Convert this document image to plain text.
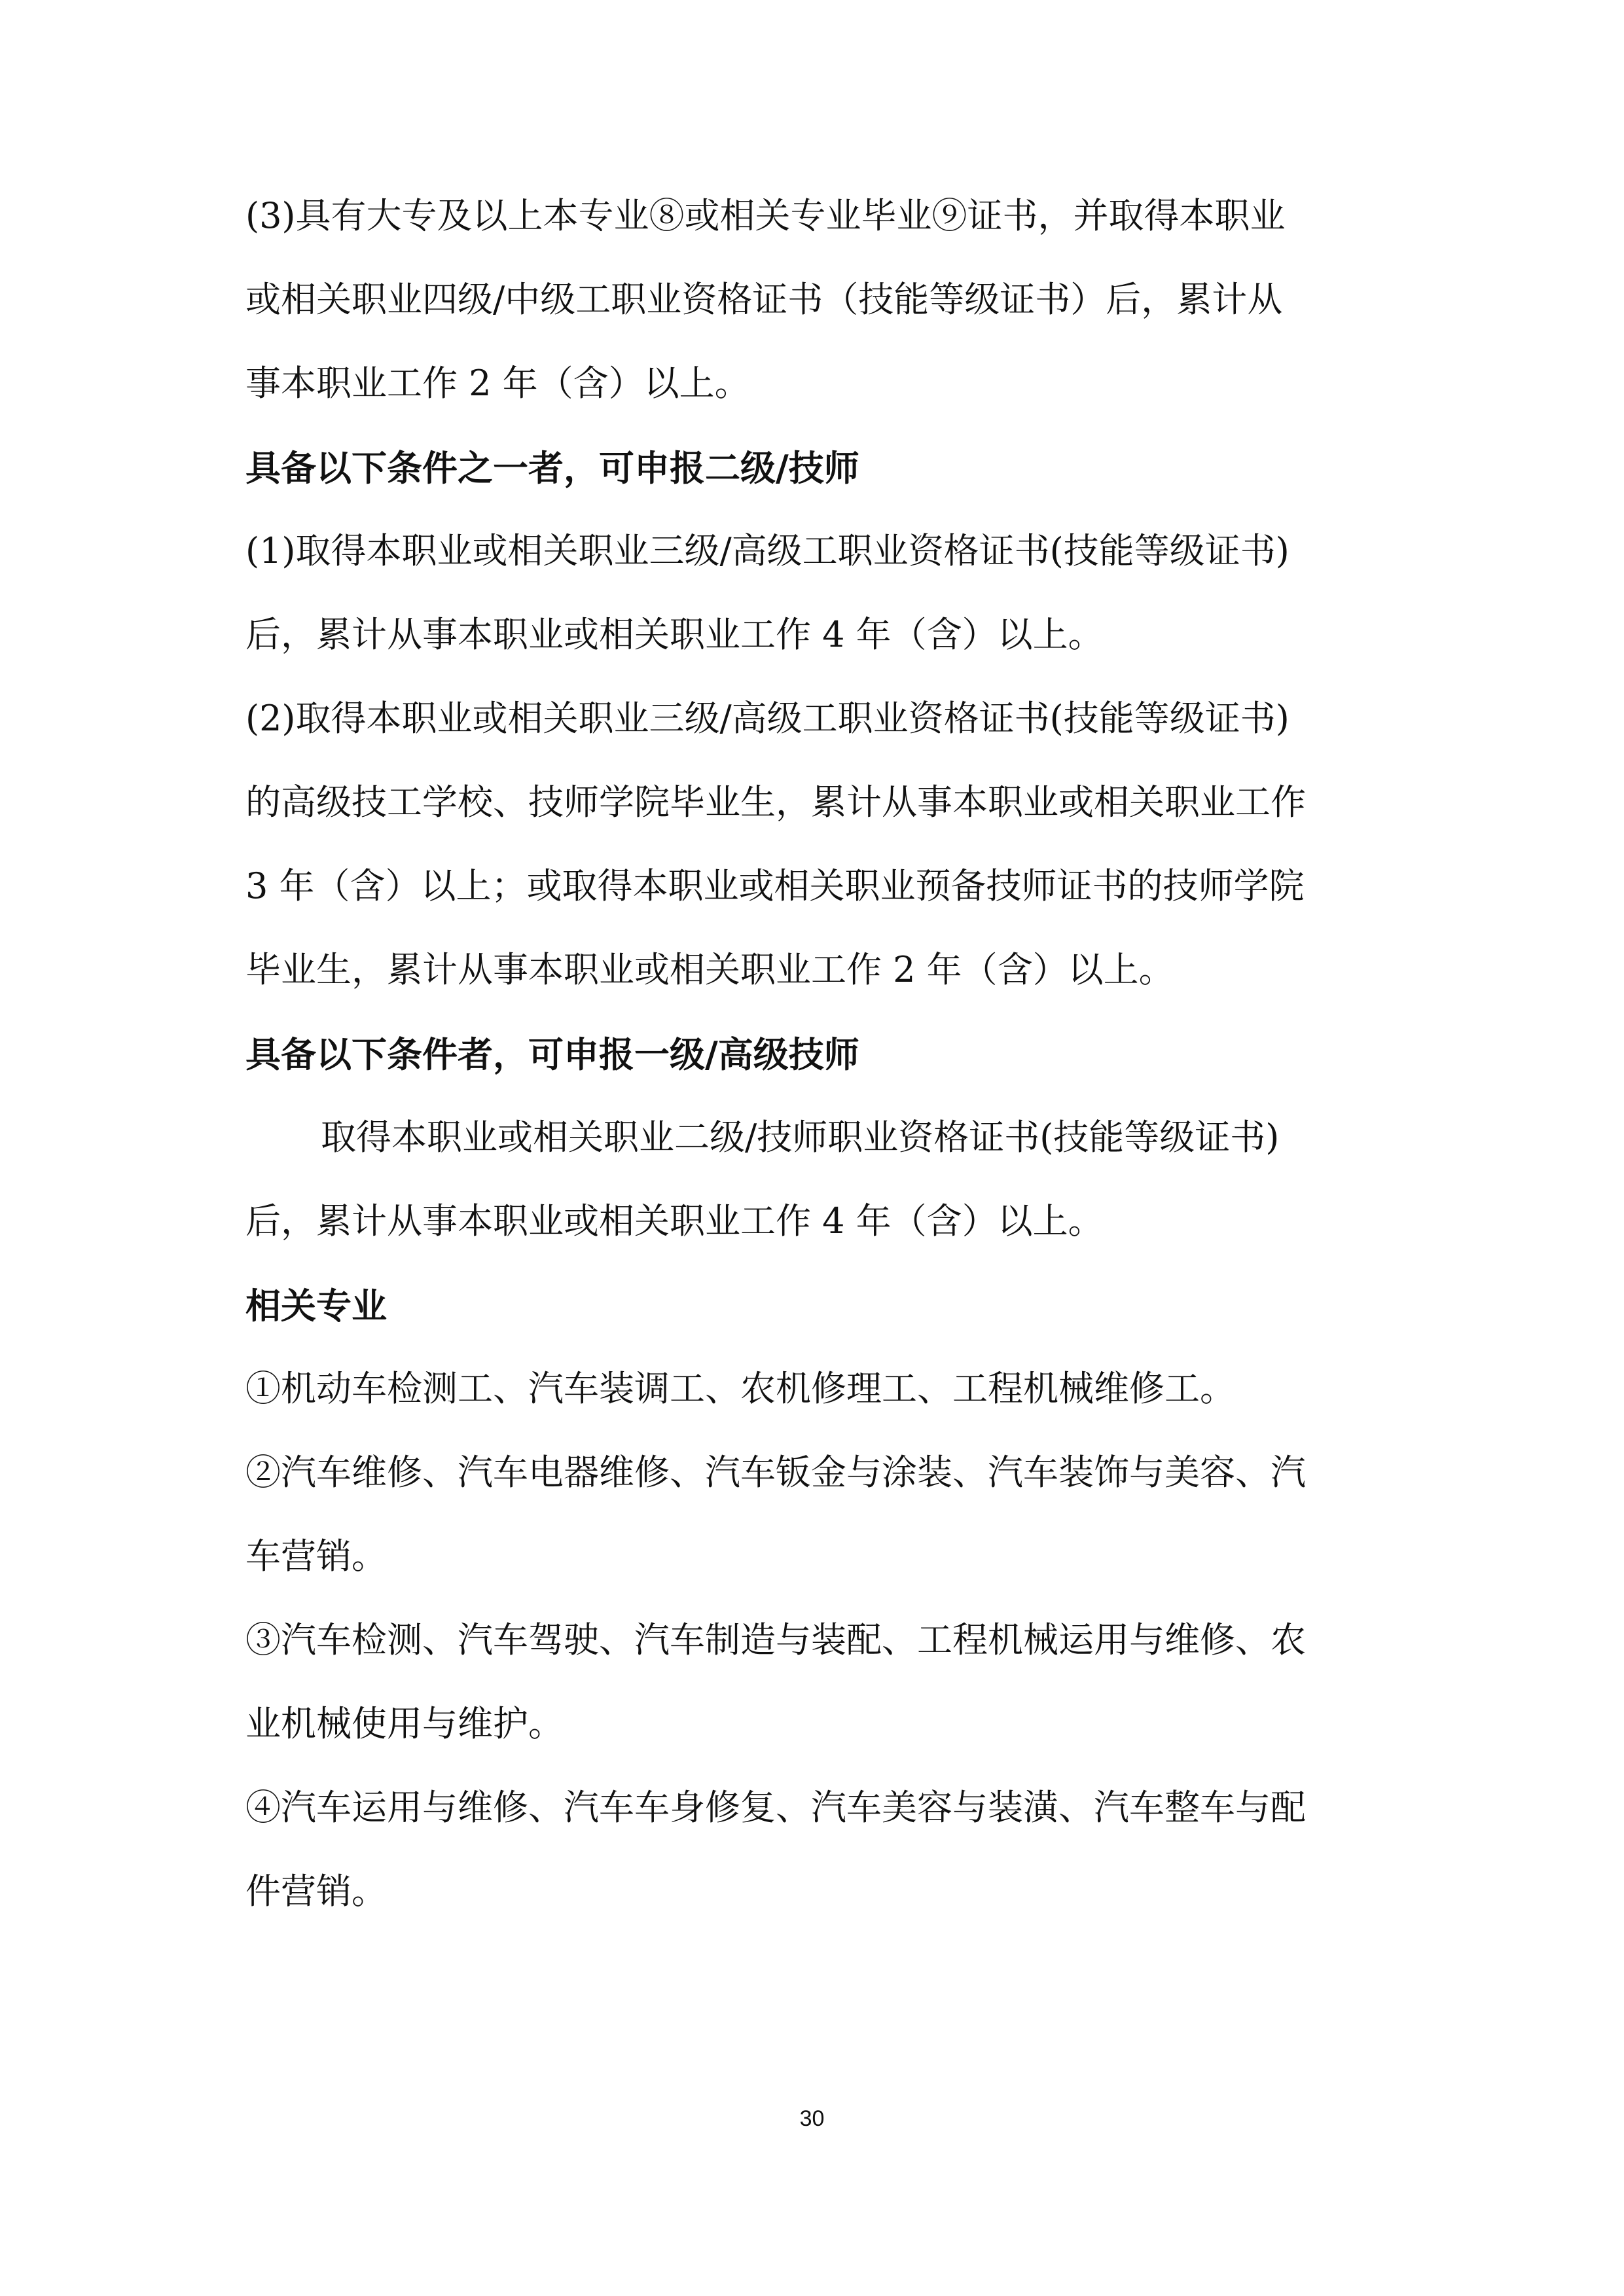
(3)具有大专及以上本专业⑧或相关专业毕业⑨证书，并取得本职业
或相关职业四级/中级工职业资格证书（技能等级证书）后，累计从
事本职业工作 2 年（含）以上。
具备以下条件之一者，可申报二级/技师
(1)取得本职业或相关职业三级/高级工职业资格证书(技能等级证书)
后，累计从事本职业或相关职业工作 4 年（含）以上。
(2)取得本职业或相关职业三级/高级工职业资格证书(技能等级证书)
的高级技工学校、技师学院毕业生，累计从事本职业或相关职业工作
3 年（含）以上；或取得本职业或相关职业预备技师证书的技师学院
毕业生，累计从事本职业或相关职业工作 2 年（含）以上。
具备以下条件者，可申报一级/高级技师
取得本职业或相关职业二级/技师职业资格证书(技能等级证书)
后，累计从事本职业或相关职业工作 4 年（含）以上。
相关专业
①机动车检测工、汽车装调工、农机修理工、工程机械维修工。
②汽车维修、汽车电器维修、汽车钣金与涂装、汽车装饰与美容、汽
车营销。
③汽车检测、汽车驾驶、汽车制造与装配、工程机械运用与维修、农
业机械使用与维护。
④汽车运用与维修、汽车车身修复、汽车美容与装潢、汽车整车与配
件营销。
30
